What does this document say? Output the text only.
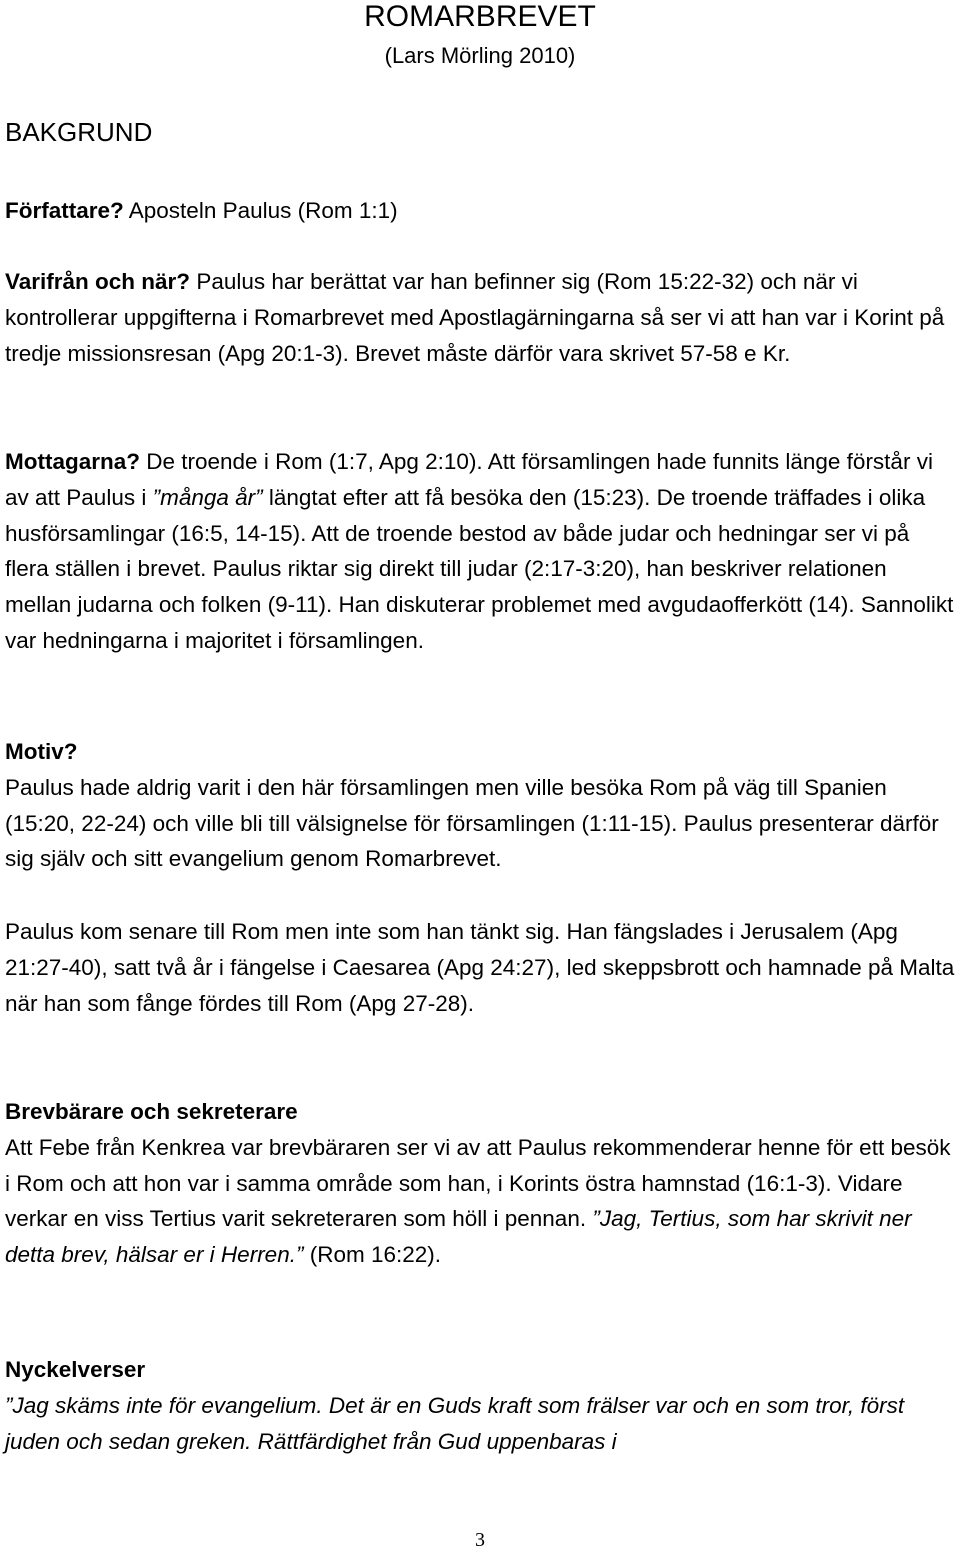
ROMARBREVET
(Lars Mörling 2010)
BAKGRUND
Författare? Aposteln Paulus (Rom 1:1)
Varifrån och när? Paulus har berättat var han befinner sig (Rom 15:22-32) och när vi kontrollerar uppgifterna i Romarbrevet med Apostlagärningarna så ser vi att han var i Korint på tredje missionsresan (Apg 20:1-3). Brevet måste därför vara skrivet 57-58 e Kr.
Mottagarna? De troende i Rom (1:7, Apg 2:10). Att församlingen hade funnits länge förstår vi av att Paulus i ”många år” längtat efter att få besöka den (15:23). De troende träffades i olika husförsamlingar (16:5, 14-15). Att de troende bestod av både judar och hedningar ser vi på flera ställen i brevet. Paulus riktar sig direkt till judar (2:17-3:20), han beskriver relationen mellan judarna och folken (9-11). Han diskuterar problemet med avgudaofferkött (14). Sannolikt var hedningarna i majoritet i församlingen.
Motiv?
Paulus hade aldrig varit i den här församlingen men ville besöka Rom på väg till Spanien (15:20, 22-24) och ville bli till välsignelse för församlingen (1:11-15). Paulus presenterar därför sig själv och sitt evangelium genom Romarbrevet.
Paulus kom senare till Rom men inte som han tänkt sig. Han fängslades i Jerusalem (Apg 21:27-40), satt två år i fängelse i Caesarea (Apg 24:27), led skeppsbrott och hamnade på Malta när han som fånge fördes till Rom (Apg 27-28).
Brevbärare och sekreterare
Att Febe från Kenkrea var brevbäraren ser vi av att Paulus rekommenderar henne för ett besök i Rom och att hon var i samma område som han, i Korints östra hamnstad (16:1-3). Vidare verkar en viss Tertius varit sekreteraren som höll i pennan. ”Jag, Tertius, som har skrivit ner detta brev, hälsar er i Herren.” (Rom 16:22).
Nyckelverser
”Jag skäms inte för evangelium. Det är en Guds kraft som frälser var och en som tror, först juden och sedan greken. Rättfärdighet från Gud uppenbaras i
3
